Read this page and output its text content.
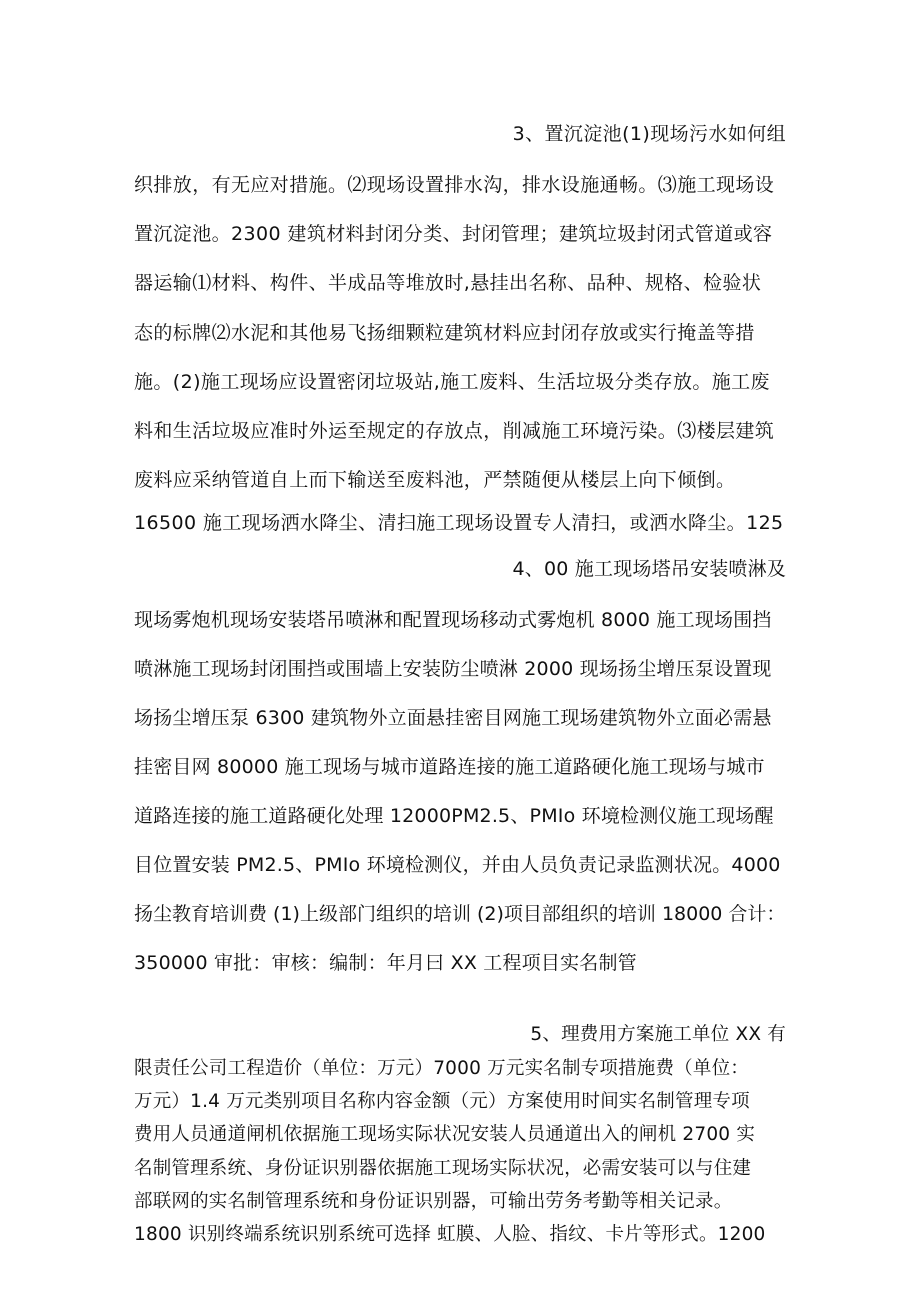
3、置沉淀池(1)现场污水如何组

织排放，有无应对措施。⑵现场设置排水沟，排水设施通畅。⑶施工现场设

置沉淀池。2300 建筑材料封闭分类、封闭管理；建筑垃圾封闭式管道或容

器运输⑴材料、构件、半成品等堆放时,悬挂出名称、品种、规格、检验状

态的标牌⑵水泥和其他易飞扬细颗粒建筑材料应封闭存放或实行掩盖等措

施。(2)施工现场应设置密闭垃圾站,施工废料、生活垃圾分类存放。施工废

料和生活垃圾应准时外运至规定的存放点，削减施工环境污染。⑶楼层建筑

废料应采纳管道自上而下输送至废料池，严禁随便从楼层上向下倾倒。

16500 施工现场洒水降尘、清扫施工现场设置专人清扫，或洒水降尘。125

4、00 施工现场塔吊安装喷淋及

现场雾炮机现场安装塔吊喷淋和配置现场移动式雾炮机 8000 施工现场围挡

喷淋施工现场封闭围挡或围墙上安装防尘喷淋 2000 现场扬尘增压泵设置现

场扬尘增压泵 6300 建筑物外立面悬挂密目网施工现场建筑物外立面必需悬

挂密目网 80000 施工现场与城市道路连接的施工道路硬化施工现场与城市

道路连接的施工道路硬化处理 12000PM2.5、PMIo 环境检测仪施工现场醒

目位置安装 PM2.5、PMIo 环境检测仪，并由人员负责记录监测状况。4000

扬尘教育培训费 (1)上级部门组织的培训 (2)项目部组织的培训 18000 合计：

350000 审批：审核：编制：年月曰 XX 工程项目实名制管

5、理费用方案施工单位 XX 有

限责任公司工程造价（单位：万元）7000 万元实名制专项措施费（单位：

万元）1.4 万元类别项目名称内容金额（元）方案使用时间实名制管理专项

费用人员通道闸机依据施工现场实际状况安装人员通道出入的闸机 2700 实

名制管理系统、身份证识别器依据施工现场实际状况，必需安装可以与住建

部联网的实名制管理系统和身份证识别器，可输出劳务考勤等相关记录。

1800 识别终端系统识别系统可选择 虹膜、人脸、指纹、卡片等形式。1200
